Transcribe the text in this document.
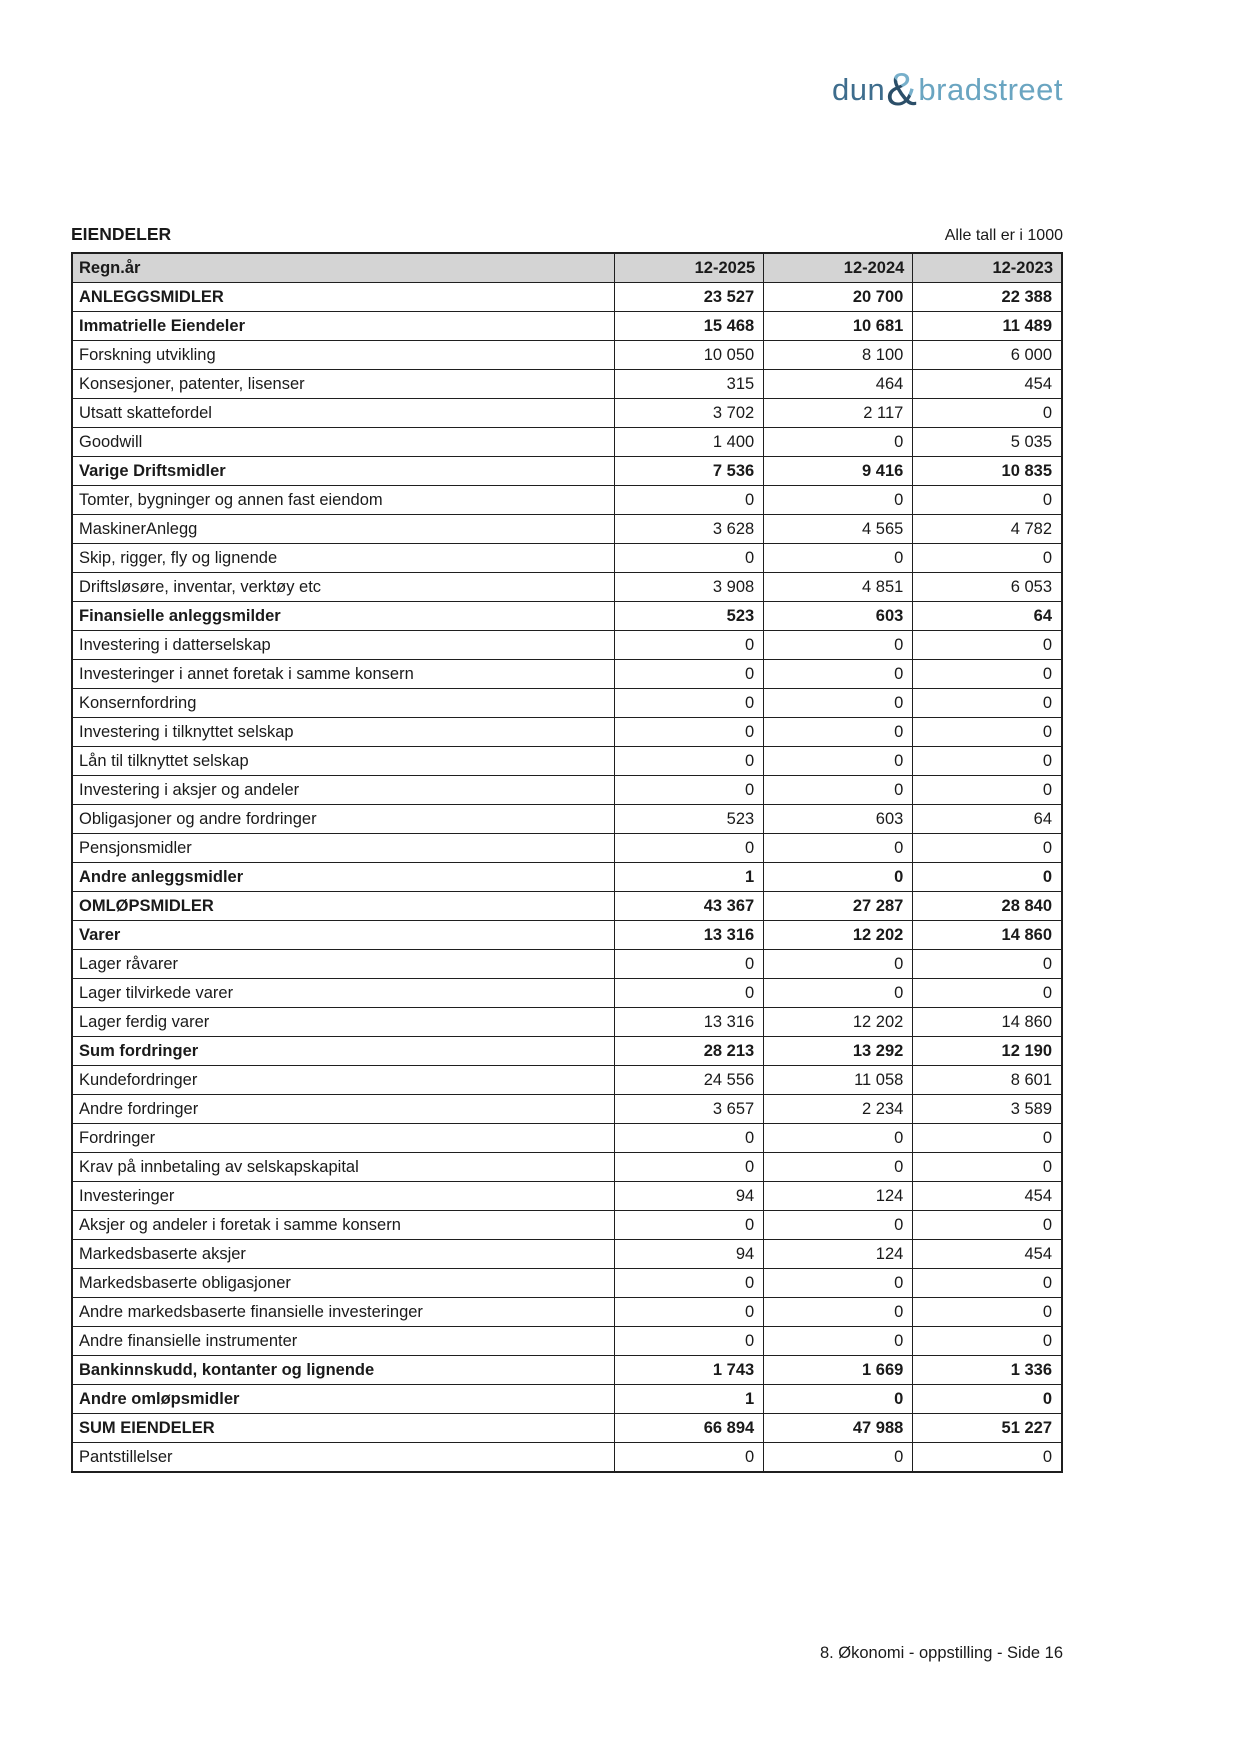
dun & bradstreet
EIENDELER	Alle tall er i 1000
Regn.år	12-2025	12-2024	12-2023
ANLEGGSMIDLER	23 527	20 700	22 388
Immatrielle Eiendeler	15 468	10 681	11 489
Forskning utvikling	10 050	8 100	6 000
Konsesjoner, patenter, lisenser	315	464	454
Utsatt skattefordel	3 702	2 117	0
Goodwill	1 400	0	5 035
Varige Driftsmidler	7 536	9 416	10 835
Tomter, bygninger og annen fast eiendom	0	0	0
MaskinerAnlegg	3 628	4 565	4 782
Skip, rigger, fly og lignende	0	0	0
Driftsløsøre, inventar, verktøy etc	3 908	4 851	6 053
Finansielle anleggsmilder	523	603	64
Investering i datterselskap	0	0	0
Investeringer i annet foretak i samme konsern	0	0	0
Konsernfordring	0	0	0
Investering i tilknyttet selskap	0	0	0
Lån til tilknyttet selskap	0	0	0
Investering i aksjer og andeler	0	0	0
Obligasjoner og andre fordringer	523	603	64
Pensjonsmidler	0	0	0
Andre anleggsmidler	1	0	0
OMLØPSMIDLER	43 367	27 287	28 840
Varer	13 316	12 202	14 860
Lager råvarer	0	0	0
Lager tilvirkede varer	0	0	0
Lager ferdig varer	13 316	12 202	14 860
Sum fordringer	28 213	13 292	12 190
Kundefordringer	24 556	11 058	8 601
Andre fordringer	3 657	2 234	3 589
Fordringer	0	0	0
Krav på innbetaling av selskapskapital	0	0	0
Investeringer	94	124	454
Aksjer og andeler i foretak i samme konsern	0	0	0
Markedsbaserte aksjer	94	124	454
Markedsbaserte obligasjoner	0	0	0
Andre markedsbaserte finansielle investeringer	0	0	0
Andre finansielle instrumenter	0	0	0
Bankinnskudd, kontanter og lignende	1 743	1 669	1 336
Andre omløpsmidler	1	0	0
SUM EIENDELER	66 894	47 988	51 227
Pantstillelser	0	0	0
8. Økonomi - oppstilling - Side 16
